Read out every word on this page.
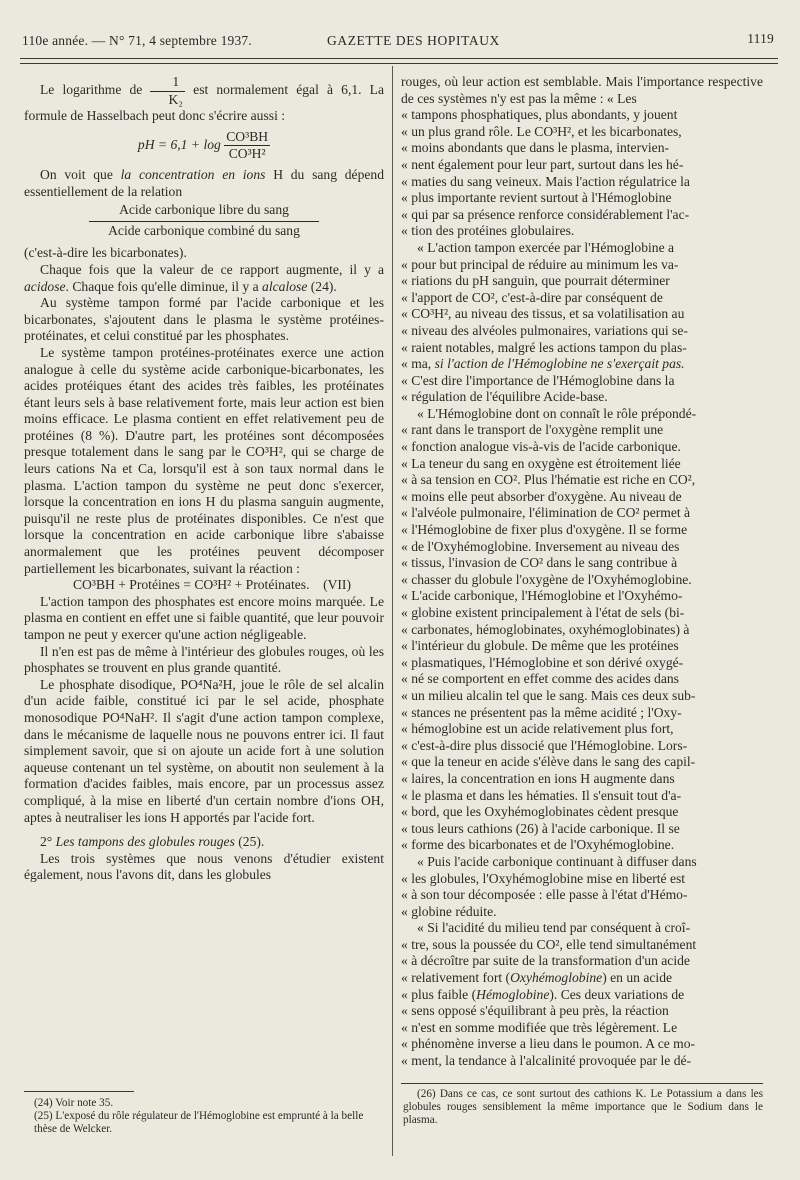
110e année. — N° 71, 4 septembre 1937.	GAZETTE DES HOPITAUX	1119

Le logarithme de $\frac{1}{\text{K₂}}$ est normalement égal à 6,1. La formule de Hasselbach peut donc s'écrire aussi :

pH = $6,1 + \log \frac{\text{CO³BH}}{\text{CO³H²}}$

On voit que la concentration en ions H du sang dépend essentiellement de la relation

Acide carbonique libre du sang
Acide carbonique combiné du sang

(c'est-à-dire les bicarbonates).

Chaque fois que la valeur de ce rapport augmente, il y a acidose. Chaque fois qu'elle diminue, il y a alcalose (24).

Au système tampon formé par l'acide carbonique et les bicarbonates, s'ajoutent dans le plasma le système protéines-protéinates, et celui constitué par les phosphates.

Le système tampon protéines-protéinates exerce une action analogue à celle du système acide carbonique-bicarbonates, les acides protéiques étant des acides très faibles, les protéinates étant leurs sels à base relativement forte, mais leur action est bien moins efficace. Le plasma contient en effet relativement peu de protéines (8 %). D'autre part, les protéines sont décomposées presque totalement dans le sang par le CO³H², qui se charge de leurs cations Na et Ca, lorsqu'il est à son taux normal dans le plasma. L'action tampon du système ne peut donc s'exercer, lorsque la concentration en ions H du plasma sanguin augmente, puisqu'il ne reste plus de protéinates disponibles. Ce n'est que lorsque la concentration en acide carbonique libre s'abaisse anormalement que les protéines peuvent décomposer partiellement les bicarbonates, suivant la réaction :

CO³BH + Protéines = CO³H² + Protéinates. (VII)

L'action tampon des phosphates est encore moins marquée. Le plasma en contient en effet une si faible quantité, que leur pouvoir tampon ne peut y exercer qu'une action négligeable.

Il n'en est pas de même à l'intérieur des globules rouges, où les phosphates se trouvent en plus grande quantité.

Le phosphate disodique, PO⁴Na²H, joue le rôle de sel alcalin d'un acide faible, constitué ici par le sel acide, phosphate monosodique PO⁴NaH². Il s'agit d'une action tampon complexe, dans le mécanisme de laquelle nous ne pouvons entrer ici. Il faut simplement savoir, que si on ajoute un acide fort à une solution aqueuse contenant un tel système, on aboutit non seulement à la formation d'acides faibles, mais encore, par un processus assez compliqué, à la mise en liberté d'un certain nombre d'ions OH, aptes à neutraliser les ions H apportés par l'acide fort.

2° Les tampons des globules rouges (25).

Les trois systèmes que nous venons d'étudier existent également, nous l'avons dit, dans les globules

(24) Voir note 35.

(25) L'exposé du rôle régulateur de l'Hémoglobine est emprunté à la belle thèse de Welcker.

rouges, où leur action est semblable. Mais l'importance respective de ces systèmes n'y est pas la même : « Les

« tampons phosphatiques, plus abondants, y jouent
« un plus grand rôle. Le CO³H², et les bicarbonates,
« moins abondants que dans le plasma, intervien-
« nent également pour leur part, surtout dans les hé-
« maties du sang veineux. Mais l'action régulatrice la
« plus importante revient surtout à l'Hémoglobine
« qui par sa présence renforce considérablement l'ac-
« tion des protéines globulaires.

« L'action tampon exercée par l'Hémoglobine a
« pour but principal de réduire au minimum les va-
« riations du pH sanguin, que pourrait déterminer
« l'apport de CO², c'est-à-dire par conséquent de
« CO³H², au niveau des tissus, et sa volatilisation au
« niveau des alvéoles pulmonaires, variations qui se-
« raient notables, malgré les actions tampon du plas-
« ma, si l'action de l'Hémoglobine ne s'exerçait pas.
« C'est dire l'importance de l'Hémoglobine dans la
« régulation de l'équilibre Acide-base.

« L'Hémoglobine dont on connaît le rôle prépondé-
« rant dans le transport de l'oxygène remplit une
« fonction analogue vis-à-vis de l'acide carbonique.
« La teneur du sang en oxygène est étroitement liée
« à sa tension en CO². Plus l'hématie est riche en CO²,
« moins elle peut absorber d'oxygène. Au niveau de
« l'alvéole pulmonaire, l'élimination de CO² permet à
« l'Hémoglobine de fixer plus d'oxygène. Il se forme
« de l'Oxyhémoglobine. Inversement au niveau des
« tissus, l'invasion de CO² dans le sang contribue à
« chasser du globule l'oxygène de l'Oxyhémoglobine.
« L'acide carbonique, l'Hémoglobine et l'Oxyhémo-
« globine existent principalement à l'état de sels (bi-
« carbonates, hémoglobinates, oxyhémoglobinates) à
« l'intérieur du globule. De même que les protéines
« plasmatiques, l'Hémoglobine et son dérivé oxygé-
« né se comportent en effet comme des acides dans
« un milieu alcalin tel que le sang. Mais ces deux sub-
« stances ne présentent pas la même acidité ; l'Oxy-
« hémoglobine est un acide relativement plus fort,
« c'est-à-dire plus dissocié que l'Hémoglobine. Lors-
« que la teneur en acide s'élève dans le sang des capil-
« laires, la concentration en ions H augmente dans
« le plasma et dans les hématies. Il s'ensuit tout d'a-
« bord, que les Oxyhémoglobinates cèdent presque
« tous leurs cathions (26) à l'acide carbonique. Il se
« forme des bicarbonates et de l'Oxyhémoglobine.

« Puis l'acide carbonique continuant à diffuser dans
« les globules, l'Oxyhémoglobine mise en liberté est
« à son tour décomposée : elle passe à l'état d'Hémo-
« globine réduite.

« Si l'acidité du milieu tend par conséquent à croî-
« tre, sous la poussée du CO², elle tend simultanément
« à décroître par suite de la transformation d'un acide
« relativement fort (Oxyhémoglobine) en un acide
« plus faible (Hémoglobine). Ces deux variations de
« sens opposé s'équilibrant à peu près, la réaction
« n'est en somme modifiée que très légèrement. Le
« phénomène inverse a lieu dans le poumon. A ce mo-
« ment, la tendance à l'alcalinité provoquée par le dé-

(26) Dans ce cas, ce sont surtout des cathions K. Le Potassium a dans les globules rouges sensiblement la même importance que le Sodium dans le plasma.
